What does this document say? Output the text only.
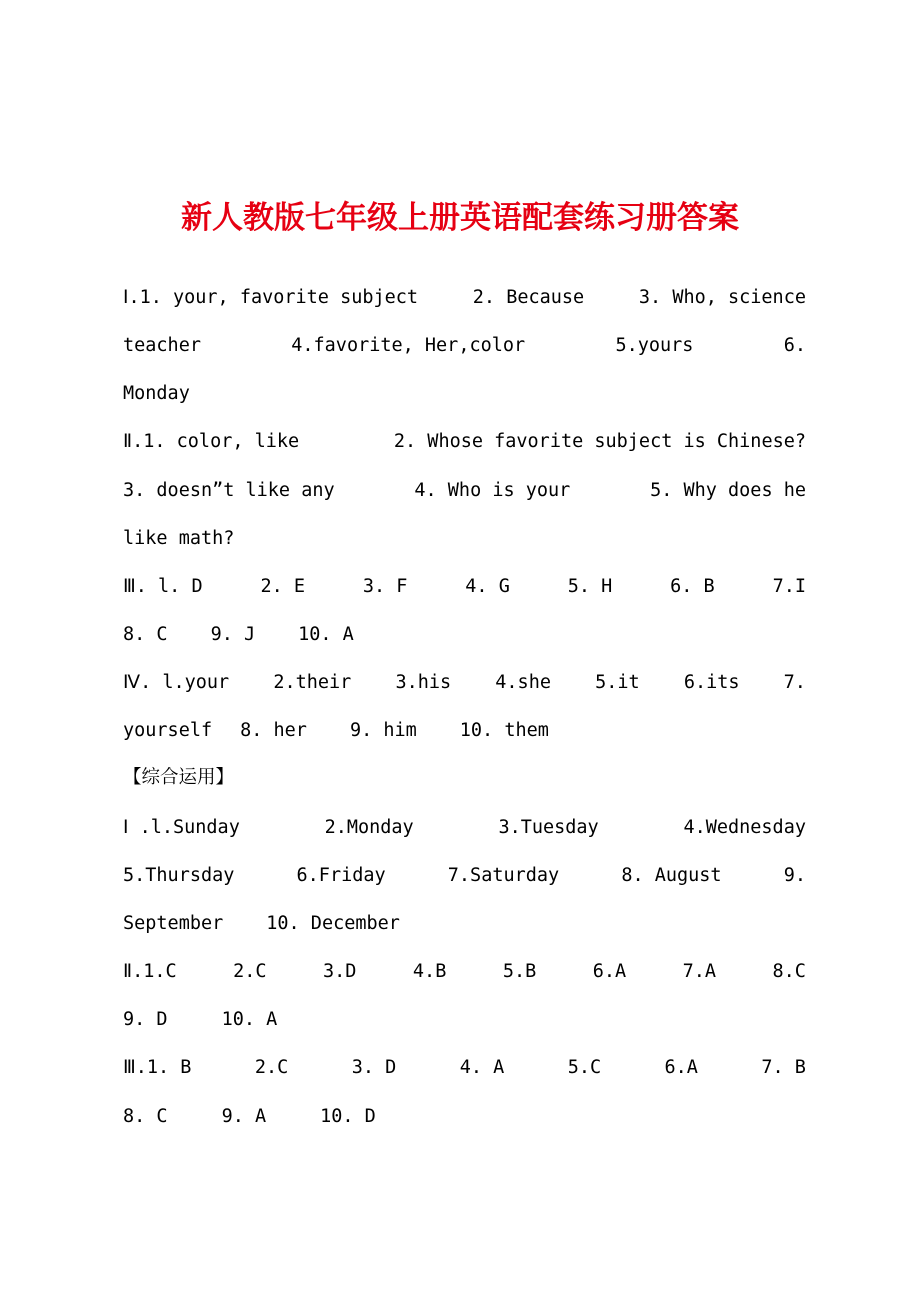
新人教版七年级上册英语配套练习册答案
Ⅰ.1. your, favorite subject	2. Because	3. Who, science
teacher	4.favorite, Her,color	5.yours	6.
Monday
Ⅱ.1. color, like	2. Whose favorite subject is Chinese?
3. doesn”t like any	4. Who is your	5. Why does he
like math?
Ⅲ. l. D	2. E	3. F	4. G	5. H	6. B	7.I
8. C 9. J 10. A
Ⅳ. l.your 2.their 3.his 4.she 5.it 6.its 7.
yourself 8. her 9. him 10. them
【综合运用】
Ⅰ .l.Sunday	2.Monday	3.Tuesday	4.Wednesday
5.Thursday	6.Friday	7.Saturday	8. August	9.
September 10. December
Ⅱ.1.C	2.C	3.D	4.B	5.B	6.A	7.A	8.C
9. D	10. A
Ⅲ.1. B	2.C	3. D	4. A	5.C	6.A	7. B
8. C	9. A	10. D
